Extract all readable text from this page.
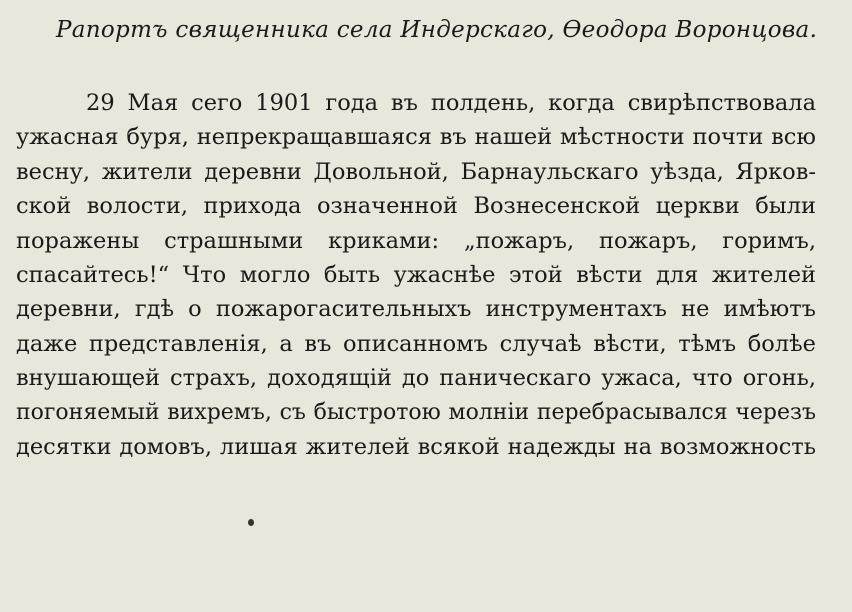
Рапортъ священника села Индерскаго, Өеодора Воронцова.
29 Мая сего 1901 года въ полдень, когда свирѣпствовала
ужасная буря, непрекращавшаяся въ нашей мѣстности почти всю
весну, жители деревни Довольной, Барнаульскаго уѣзда, Ярков-
ской волости, прихода означенной Вознесенской церкви были
поражены страшными криками: „пожаръ, пожаръ, горимъ,
спасайтесь!“ Что могло быть ужаснѣе этой вѣсти для жителей
деревни, гдѣ о пожарогасительныхъ инструментахъ не имѣютъ
даже представленія, а въ описанномъ случаѣ вѣсти, тѣмъ болѣе
внушающей страхъ, доходящій до паническаго ужаса, что огонь,
погоняемый вихремъ, съ быстротою молніи перебрасывался черезъ
десятки домовъ, лишая жителей всякой надежды на возможность
